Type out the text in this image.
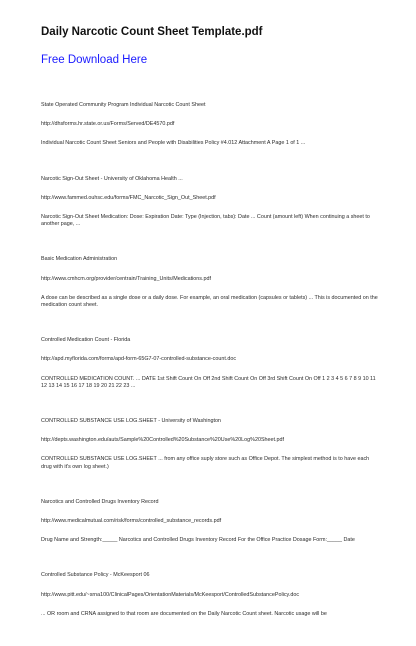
Daily Narcotic Count Sheet Template.pdf
Free Download Here

State Operated Community Program Individual Narcotic Count Sheet

http://dhsforms.hr.state.or.us/Forms/Served/DE4570.pdf

Individual Narcotic Count Sheet Seniors and People with Disabilities Policy #4.012 Attachment A Page 1 of 1 ...

Narcotic Sign-Out Sheet - University of Oklahoma Health ...

http://www.fammed.ouhsc.edu/forms/FMC_Narcotic_Sign_Out_Sheet.pdf

Narcotic Sign-Out Sheet Medication: Dose: Expiration Date: Type (Injection, tabs): Date ... Count (amount left) When continuing a sheet to another page, ...

Basic Medication Administration

http://www.cmhcm.org/provider/centrain/Training_Units/Medications.pdf

A dose can be described as a single dose or a daily dose. For example, an oral medication (capsules or tablets) ... This is documented on the medication count sheet.

Controlled Medication Count - Florida

http://apd.myflorida.com/forms/apd-form-65G7-07-controlled-substance-count.doc

CONTROLLED MEDICATION COUNT. ... DATE 1st Shift Count On Off 2nd Shift Count On Off 3rd Shift Count On Off 1 2 3 4 5 6 7 8 9 10 11 12 13 14 15 16 17 18 19 20 21 22 23 ...

CONTROLLED SUBSTANCE USE LOG.SHEET - University of Washington

http://depts.washington.edu/auts/Sample%20Controlled%20Substance%20Use%20Log%20Sheet.pdf

CONTROLLED SUBSTANCE USE LOG.SHEET ... from any office suply store such as Office Depot. The simplest method is to have each drug with it's own log sheet.)

Narcotics and Controlled Drugs Inventory Record

http://www.medicalmutual.com/risk/forms/controlled_substance_records.pdf

Drug Name and Strength:_____ Narcotics and Controlled Drugs Inventory Record For the Office Practice Dosage Form:_____ Date

Controlled Substance Policy - McKeesport 06

http://www.pitt.edu/~srna100/ClinicalPages/OrientationMaterials/McKeesport/ControlledSubstancePolicy.doc

... OR room and CRNA assigned to that room are documented on the Daily Narcotic Count sheet. Narcotic usage will be
